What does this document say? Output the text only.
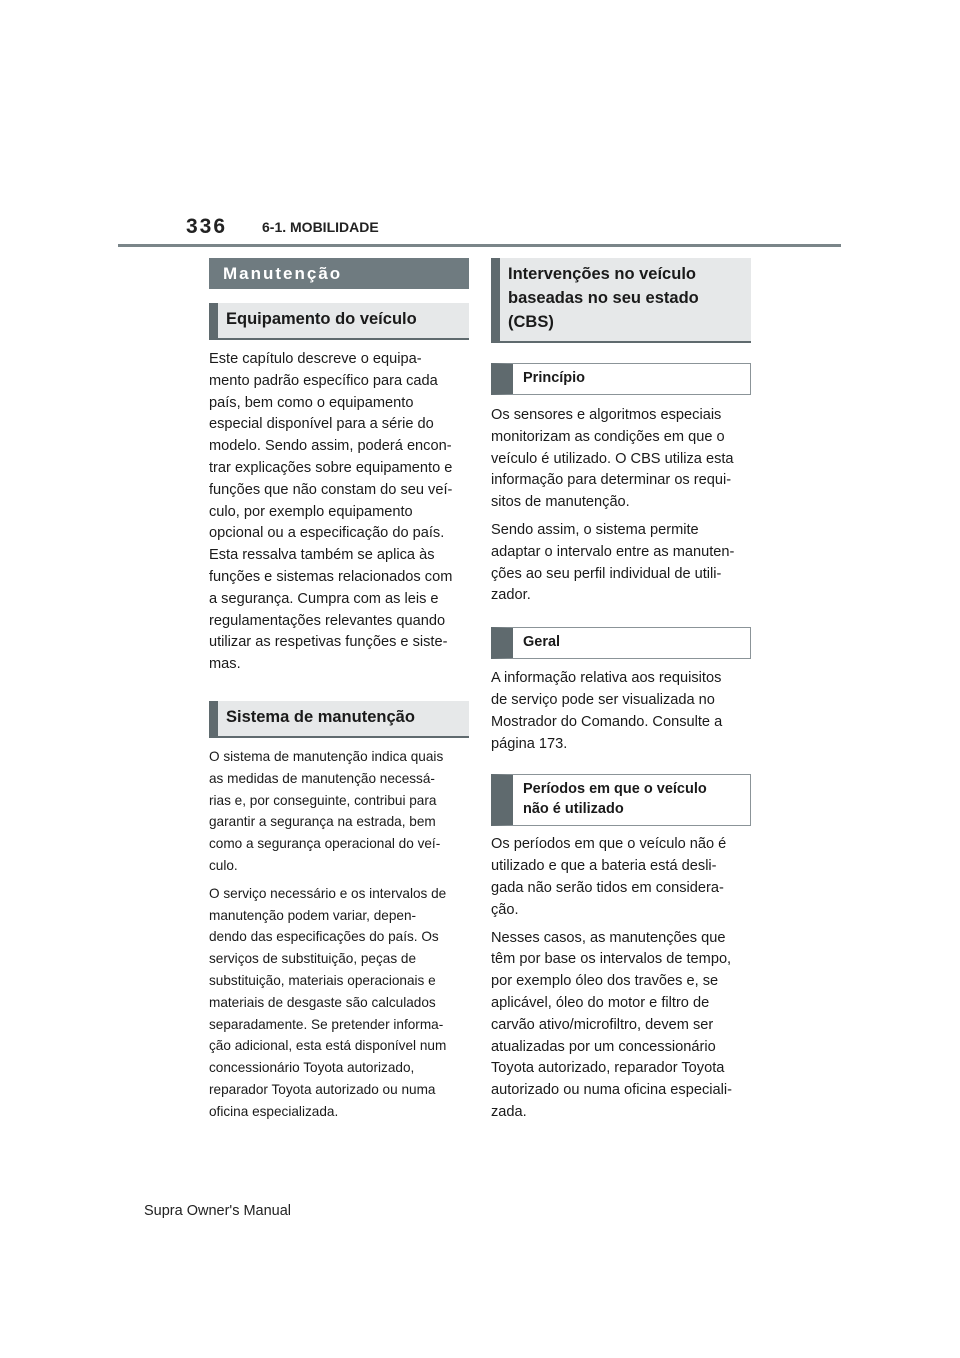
336 6-1. MOBILIDADE
Manutenção
Equipamento do veículo
Este capítulo descreve o equipa-
mento padrão específico para cada
país, bem como o equipamento
especial disponível para a série do
modelo. Sendo assim, poderá encon-
trar explicações sobre equipamento e
funções que não constam do seu veí-
culo, por exemplo equipamento
opcional ou a especificação do país.
Esta ressalva também se aplica às
funções e sistemas relacionados com
a segurança. Cumpra com as leis e
regulamentações relevantes quando
utilizar as respetivas funções e siste-
mas.
Sistema de manutenção
O sistema de manutenção indica quais
as medidas de manutenção necessá-
rias e, por conseguinte, contribui para
garantir a segurança na estrada, bem
como a segurança operacional do veí-
culo.
O serviço necessário e os intervalos de
manutenção podem variar, depen-
dendo das especificações do país. Os
serviços de substituição, peças de
substituição, materiais operacionais e
materiais de desgaste são calculados
separadamente. Se pretender informa-
ção adicional, esta está disponível num
concessionário Toyota autorizado,
reparador Toyota autorizado ou numa
oficina especializada.
Intervenções no veículo
baseadas no seu estado
(CBS)
Princípio
Os sensores e algoritmos especiais
monitorizam as condições em que o
veículo é utilizado. O CBS utiliza esta
informação para determinar os requi-
sitos de manutenção.
Sendo assim, o sistema permite
adaptar o intervalo entre as manuten-
ções ao seu perfil individual de utili-
zador.
Geral
A informação relativa aos requisitos
de serviço pode ser visualizada no
Mostrador do Comando. Consulte a
página 173.
Períodos em que o veículo
não é utilizado
Os períodos em que o veículo não é
utilizado e que a bateria está desli-
gada não serão tidos em considera-
ção.
Nesses casos, as manutenções que
têm por base os intervalos de tempo,
por exemplo óleo dos travões e, se
aplicável, óleo do motor e filtro de
carvão ativo/microfiltro, devem ser
atualizadas por um concessionário
Toyota autorizado, reparador Toyota
autorizado ou numa oficina especiali-
zada.
Supra Owner's Manual
